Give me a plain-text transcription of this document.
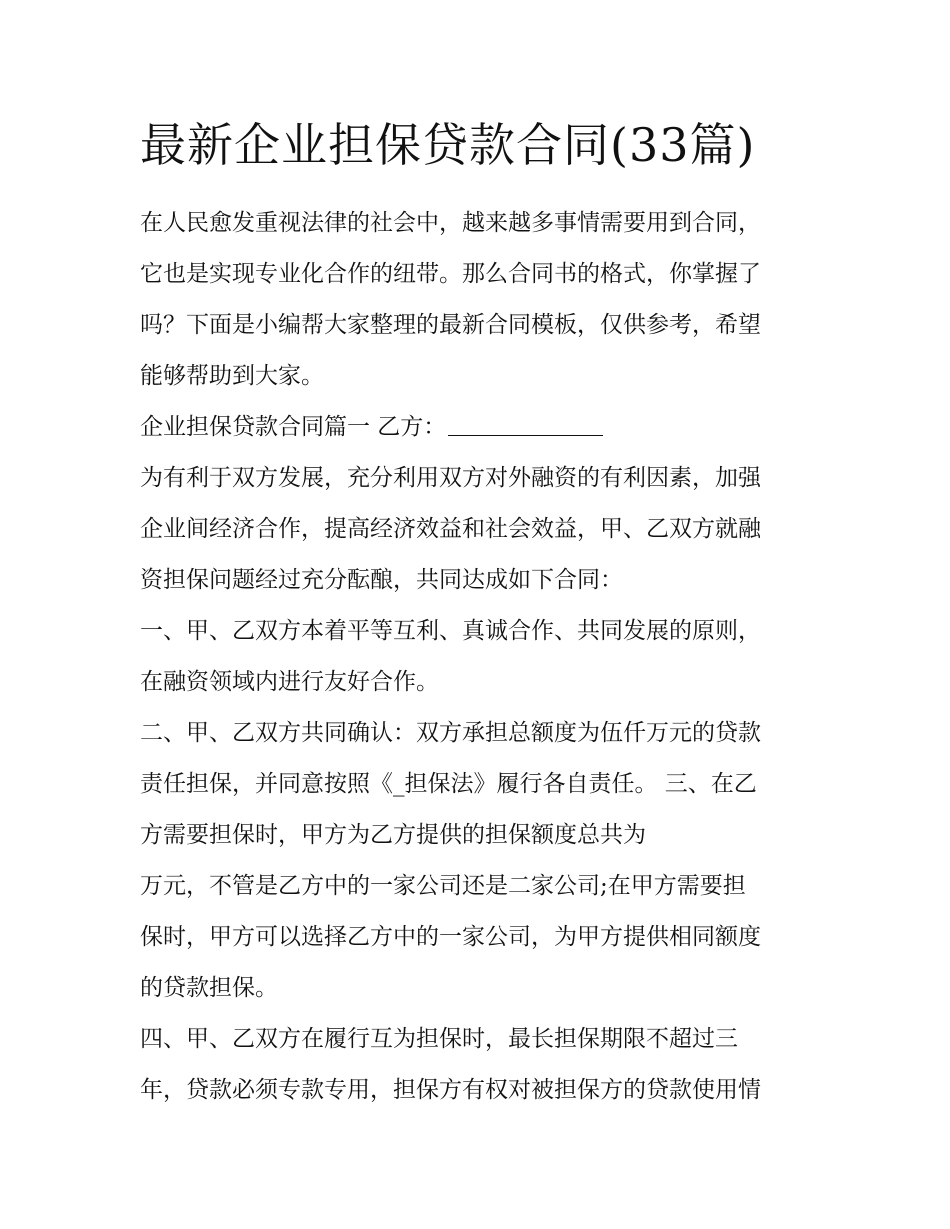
最新企业担保贷款合同(33篇)

在人民愈发重视法律的社会中，越来越多事情需要用到合同，

它也是实现专业化合作的纽带。那么合同书的格式，你掌握了

吗？下面是小编帮大家整理的最新合同模板，仅供参考，希望

能够帮助到大家。

企业担保贷款合同篇一 乙方：

为有利于双方发展，充分利用双方对外融资的有利因素，加强

企业间经济合作，提高经济效益和社会效益，甲、乙双方就融

资担保问题经过充分酝酿，共同达成如下合同：

一、甲、乙双方本着平等互利、真诚合作、共同发展的原则，

在融资领域内进行友好合作。

二、甲、乙双方共同确认：双方承担总额度为伍仟万元的贷款

责任担保，并同意按照《_担保法》履行各自责任。 三、在乙

方需要担保时，甲方为乙方提供的担保额度总共为

万元，不管是乙方中的一家公司还是二家公司;在甲方需要担

保时，甲方可以选择乙方中的一家公司，为甲方提供相同额度

的贷款担保。

四、甲、乙双方在履行互为担保时，最长担保期限不超过三

年，贷款必须专款专用，担保方有权对被担保方的贷款使用情
